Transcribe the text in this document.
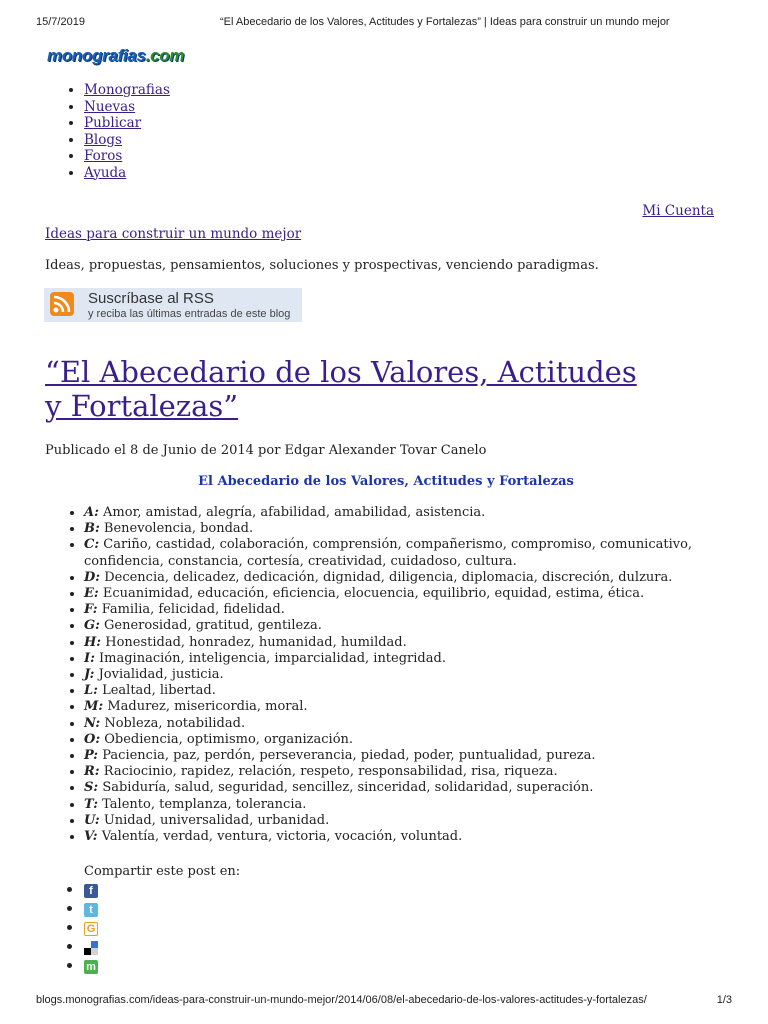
15/7/2019	“El Abecedario de los Valores, Actitudes y Fortalezas” | Ideas para construir un mundo mejor
monografias.com
• Monografias
• Nuevas
• Publicar
• Blogs
• Foros
• Ayuda
Mi Cuenta
Ideas para construir un mundo mejor
Ideas, propuestas, pensamientos, soluciones y prospectivas, venciendo paradigmas.
Suscríbase al RSS
y reciba las últimas entradas de este blog
“El Abecedario de los Valores, Actitudes y Fortalezas”
Publicado el 8 de Junio de 2014 por Edgar Alexander Tovar Canelo
El Abecedario de los Valores, Actitudes y Fortalezas
• A: Amor, amistad, alegría, afabilidad, amabilidad, asistencia.
• B: Benevolencia, bondad.
• C: Cariño, castidad, colaboración, comprensión, compañerismo, compromiso, comunicativo, confidencia, constancia, cortesía, creatividad, cuidadoso, cultura.
• D: Decencia, delicadez, dedicación, dignidad, diligencia, diplomacia, discreción, dulzura.
• E: Ecuanimidad, educación, eficiencia, elocuencia, equilibrio, equidad, estima, ética.
• F: Familia, felicidad, fidelidad.
• G: Generosidad, gratitud, gentileza.
• H: Honestidad, honradez, humanidad, humildad.
• I: Imaginación, inteligencia, imparcialidad, integridad.
• J: Jovialidad, justicia.
• L: Lealtad, libertad.
• M: Madurez, misericordia, moral.
• N: Nobleza, notabilidad.
• O: Obediencia, optimismo, organización.
• P: Paciencia, paz, perdón, perseverancia, piedad, poder, puntualidad, pureza.
• R: Raciocinio, rapidez, relación, respeto, responsabilidad, risa, riqueza.
• S: Sabiduría, salud, seguridad, sencillez, sinceridad, solidaridad, superación.
• T: Talento, templanza, tolerancia.
• U: Unidad, universalidad, urbanidad.
• V: Valentía, verdad, ventura, victoria, vocación, voluntad.
Compartir este post en:
• f
• t
• G
•
• m
blogs.monografias.com/ideas-para-construir-un-mundo-mejor/2014/06/08/el-abecedario-de-los-valores-actitudes-y-fortalezas/	1/3
